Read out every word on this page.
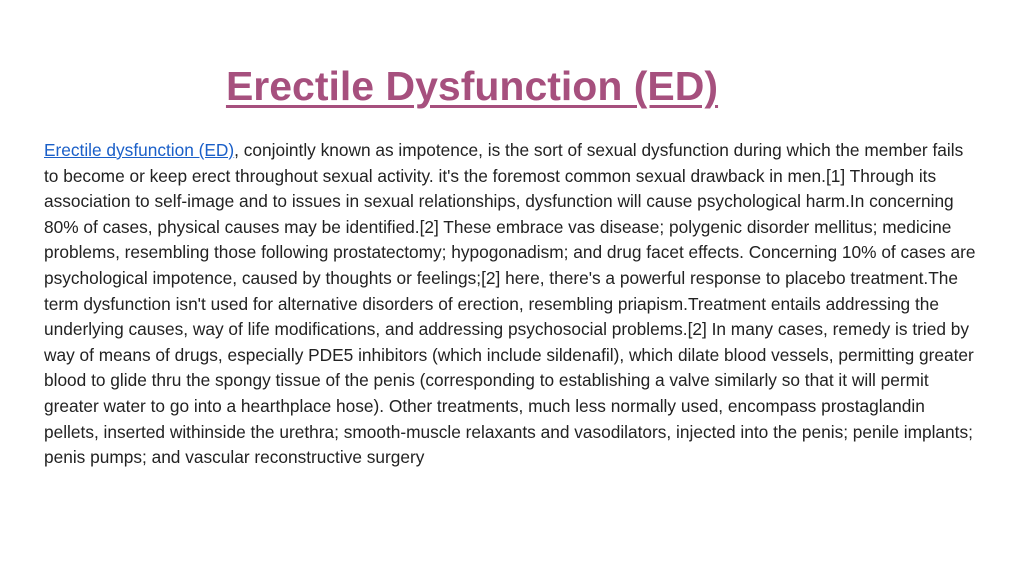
Erectile Dysfunction (ED)

Erectile dysfunction (ED), conjointly known as impotence, is the sort of sexual dysfunction during which the member fails to become or keep erect throughout sexual activity. it's the foremost common sexual drawback in men.[1] Through its association to self-image and to issues in sexual relationships, dysfunction will cause psychological harm.In concerning 80% of cases, physical causes may be identified.[2] These embrace vas disease; polygenic disorder mellitus; medicine problems, resembling those following prostatectomy; hypogonadism; and drug facet effects. Concerning 10% of cases are psychological impotence, caused by thoughts or feelings;[2] here, there's a powerful response to placebo treatment.The term dysfunction isn't used for alternative disorders of erection, resembling priapism.Treatment entails addressing the underlying causes, way of life modifications, and addressing psychosocial problems.[2] In many cases, remedy is tried by way of means of drugs, especially PDE5 inhibitors (which include sildenafil), which dilate blood vessels, permitting greater blood to glide thru the spongy tissue of the penis (corresponding to establishing a valve similarly so that it will permit greater water to go into a hearthplace hose). Other treatments, much less normally used, encompass prostaglandin pellets, inserted withinside the urethra; smooth-muscle relaxants and vasodilators, injected into the penis; penile implants; penis pumps; and vascular reconstructive surgery
